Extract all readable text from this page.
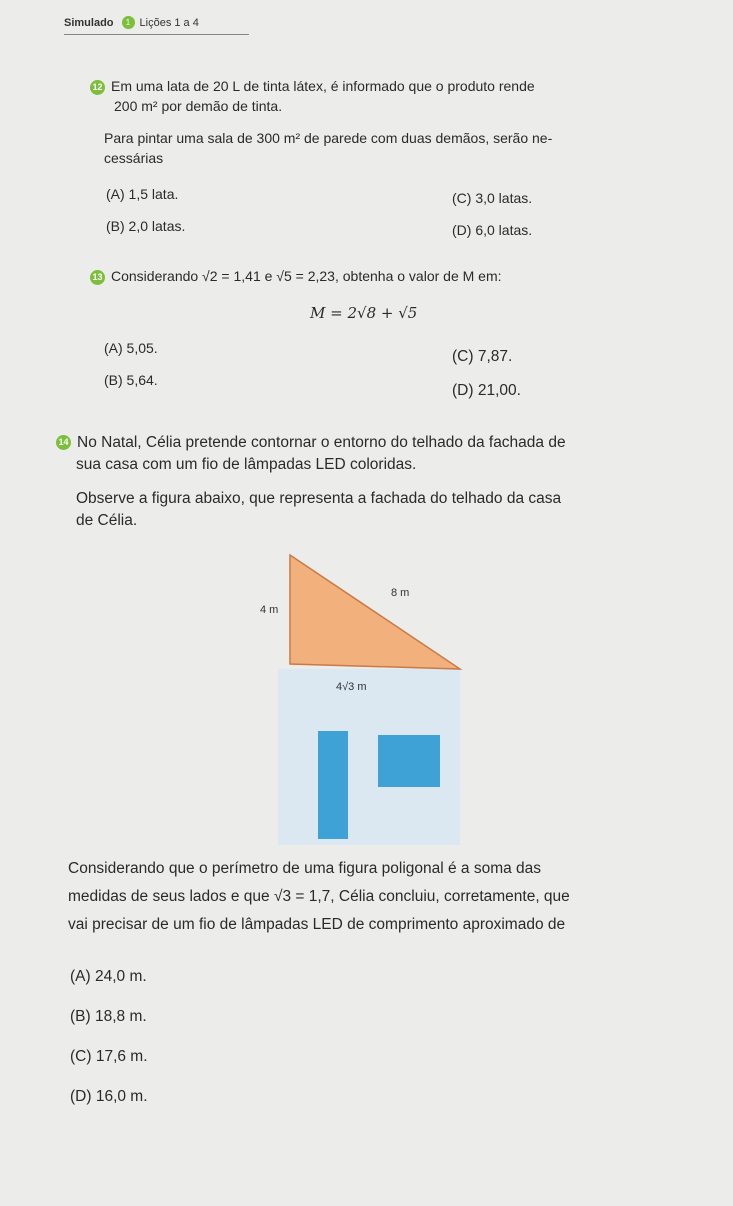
Simulado	1 Lições 1 a 4
12 Em uma lata de 20 L de tinta látex, é informado que o produto rende
200 m² por demão de tinta.
Para pintar uma sala de 300 m² de parede com duas demãos, serão ne-
cessárias
(A) 1,5 lata.
(B) 2,0 latas.
(C) 3,0 latas.
(D) 6,0 latas.
13 Considerando √2 = 1,41 e √5 = 2,23, obtenha o valor de M em:
M = 2√8 + √5
(A) 5,05.
(B) 5,64.
(C) 7,87.
(D) 21,00.
14 No Natal, Célia pretende contornar o entorno do telhado da fachada de
sua casa com um fio de lâmpadas LED coloridas.
Observe a figura abaixo, que representa a fachada do telhado da casa
de Célia.
8 m
4 m
4√3 m
Considerando que o perímetro de uma figura poligonal é a soma das
medidas de seus lados e que √3 = 1,7, Célia concluiu, corretamente, que
vai precisar de um fio de lâmpadas LED de comprimento aproximado de
(A) 24,0 m.
(B) 18,8 m.
(C) 17,6 m.
(D) 16,0 m.
